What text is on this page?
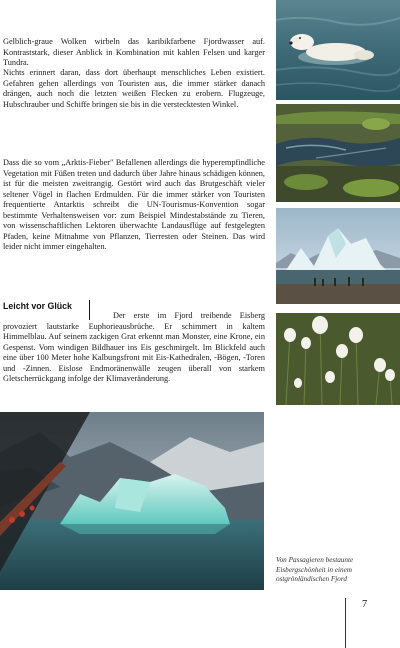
Gelblich-graue Wolken wirbeln das karibikfarbene Fjordwasser auf. Kontraststark, dieser Anblick in Kombination mit kahlen Felsen und karger Tundra.

Nichts erinnert daran, dass dort überhaupt menschliches Leben existiert. Gefahren gehen allerdings von Touristen aus, die immer stärker danach drängen, auch noch die letzten weißen Flecken zu erobern. Flugzeuge, Hubschrauber und Schiffe bringen sie bis in die verstecktesten Winkel.

Dass die so vom „Arktis-Fieber" Befallenen allerdings die hyperempfindliche Vegetation mit Füßen treten und dadurch über Jahre hinaus schädigen können, ist für die meisten zweitrangig. Gestört wird auch das Brutgeschäft vieler seltener Vögel in flachen Erdmulden. Für die immer stärker von Touristen frequentierte Antarktis schreibt die UN-Tourismus-Konvention sogar bestimmte Verhaltensweisen vor: zum Beispiel Mindestabstände zu Tieren, von wissenschaftlichen Lektoren überwachte Landausflüge auf festgelegten Pfaden, keine Mitnahme von Pflanzen, Tierresten oder Steinen. Das wird leider nicht immer eingehalten.

Leicht vor Glück

Der erste im Fjord treibende Eisberg provoziert lautstarke Euphorieausbrüche. Er schimmert in kaltem Himmelblau. Auf seinem zackigen Grat erkennt man Monster, eine Krone, ein Gespenst. Vom windigen Bildhauer ins Eis geschmirgelt. Im Blickfeld auch eine über 100 Meter hohe Kalbungsfront mit Eis-Kathedralen, -Bögen, -Toren und -Zinnen. Eislose Endmoränenwälle zeugen überall von starkem Gletscherrückgang infolge der Klimaveränderung.

Von Passagieren bestaunte Eisbergschönheit in einem ostgrönländischen Fjord

7
